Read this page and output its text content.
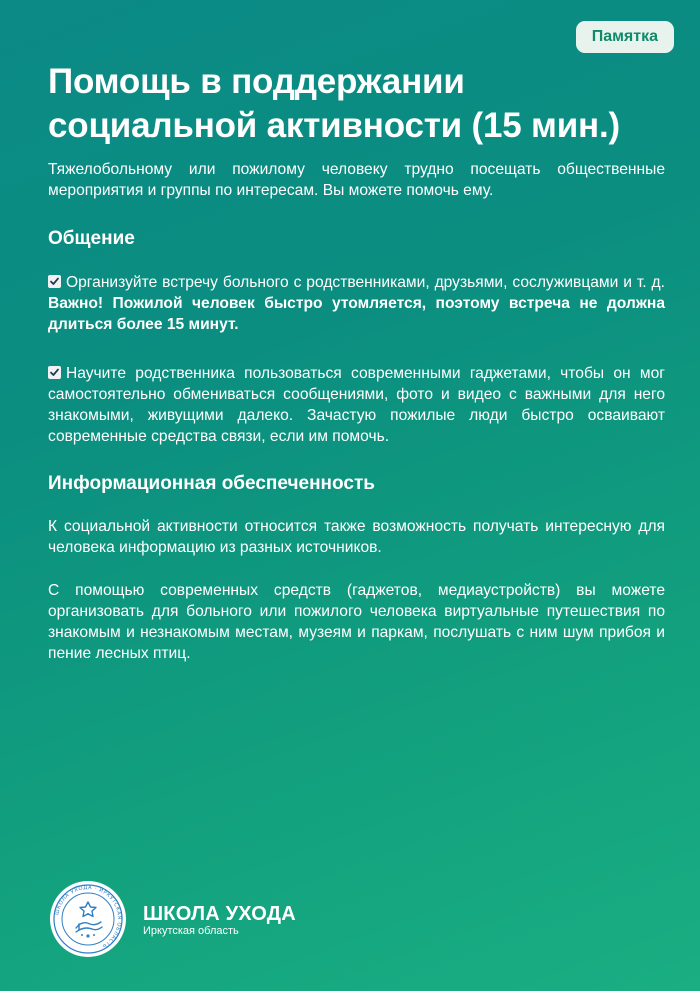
Памятка
Помощь в поддержании социальной активности (15 мин.)

Тяжелобольному или пожилому человеку трудно посещать общественные мероприятия и группы по интересам. Вы можете помочь ему.

Общение

Организуйте встречу больного с родственниками, друзьями, сослуживцами и т. д. Важно! Пожилой человек быстро утомляется, поэтому встреча не должна длиться более 15 минут.

Научите родственника пользоваться современными гаджетами, чтобы он мог самостоятельно обмениваться сообщениями, фото и видео с важными для него знакомыми, живущими далеко. Зачастую пожилые люди быстро осваивают современные средства связи, если им помочь.

Информационная обеспеченность

К социальной активности относится также возможность получать интересную для человека информацию из разных источников.

С помощью современных средств (гаджетов, медиаустройств) вы можете организовать для больного или пожилого человека виртуальные путешествия по знакомым и незнакомым местам, музеям и паркам, послушать с ним шум прибоя и пение лесных птиц.

ШКОЛА УХОДА · ИРКУТСКАЯ ОБЛАСТЬ
ШКОЛА УХОДА
Иркутская область
